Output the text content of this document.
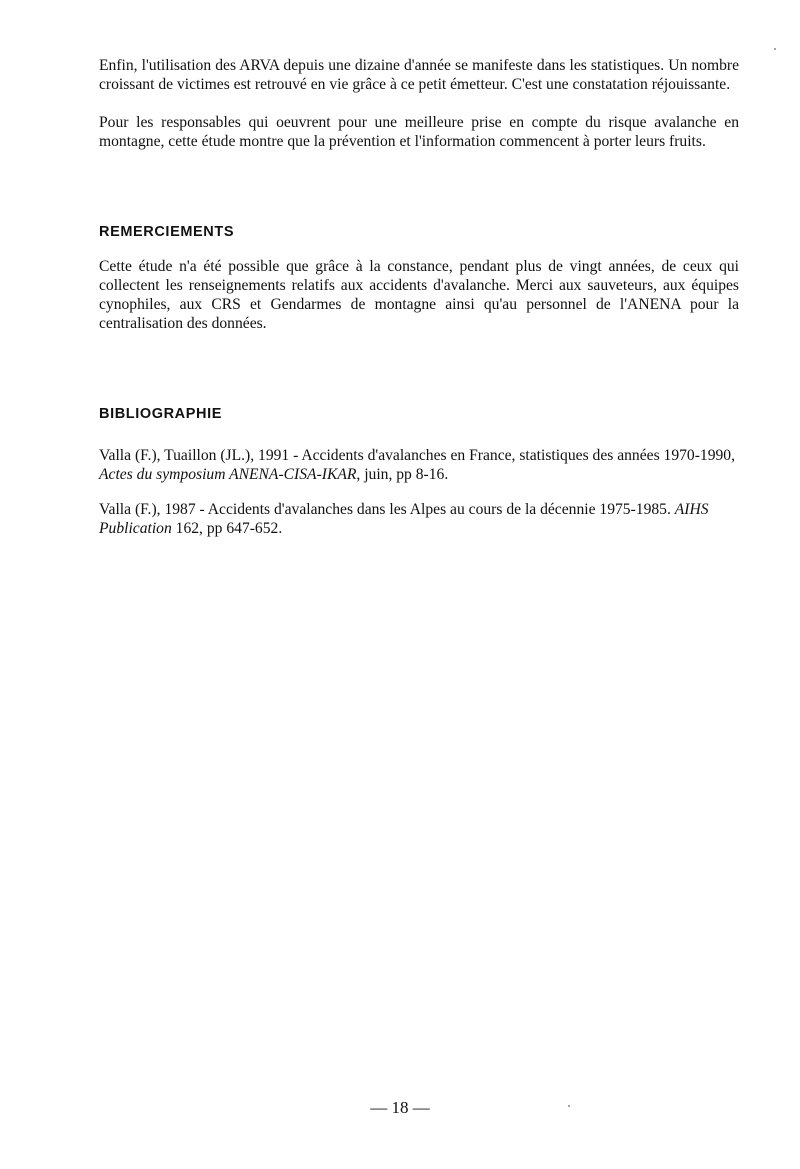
Enfin, l'utilisation des ARVA depuis une dizaine d'année se manifeste dans les statistiques. Un nombre croissant de victimes est retrouvé en vie grâce à ce petit émetteur. C'est une constatation réjouissante.

Pour les responsables qui oeuvrent pour une meilleure prise en compte du risque avalanche en montagne, cette étude montre que la prévention et l'information commencent à porter leurs fruits.

REMERCIEMENTS

Cette étude n'a été possible que grâce à la constance, pendant plus de vingt années, de ceux qui collectent les renseignements relatifs aux accidents d'avalanche. Merci aux sauveteurs, aux équipes cynophiles, aux CRS et Gendarmes de montagne ainsi qu'au personnel de l'ANENA pour la centralisation des données.

BIBLIOGRAPHIE

Valla (F.), Tuaillon (JL.), 1991 - Accidents d'avalanches en France, statistiques des années 1970-1990, Actes du symposium ANENA-CISA-IKAR, juin, pp 8-16.

Valla (F.), 1987 - Accidents d'avalanches dans les Alpes au cours de la décennie 1975-1985. AIHS Publication 162, pp 647-652.

— 18 —
